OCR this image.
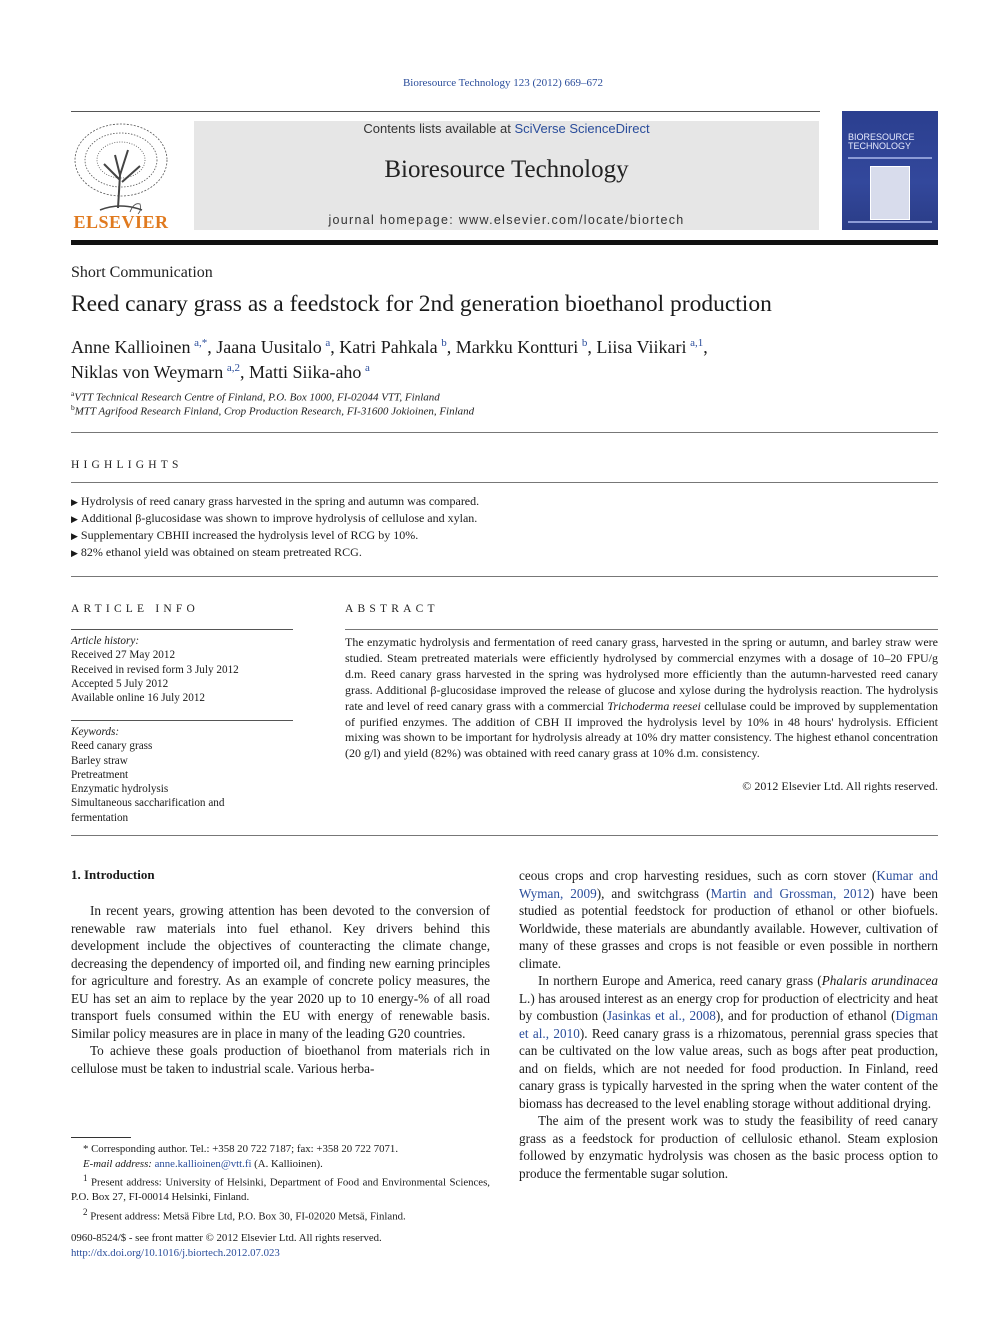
Bioresource Technology 123 (2012) 669–672
ELSEVIER
Contents lists available at SciVerse ScienceDirect
Bioresource Technology
journal homepage: www.elsevier.com/locate/biortech
BIORESOURCE TECHNOLOGY
Short Communication
Reed canary grass as a feedstock for 2nd generation bioethanol production
Anne Kallioinen  $^{a,*}$, Jaana Uusitalo  $^a$, Katri Pahkala  $^b$, Markku Kontturi  $^b$, Liisa Viikari  $^{a,1}$,
Niklas von Weymarn  $^{a,2}$, Matti Siika-aho  $^a$
$^a$VTT Technical Research Centre of Finland, P.O. Box 1000, FI-02044 VTT, Finland
$^b$MTT Agrifood Research Finland, Crop Production Research, FI-31600 Jokioinen, Finland
HIGHLIGHTS
▶ Hydrolysis of reed canary grass harvested in the spring and autumn was compared.
▶ Additional β-glucosidase was shown to improve hydrolysis of cellulose and xylan.
▶ Supplementary CBHII increased the hydrolysis level of RCG by 10%.
▶ 82% ethanol yield was obtained on steam pretreated RCG.
ARTICLE INFO
Article history:
Received 27 May 2012
Received in revised form 3 July 2012
Accepted 5 July 2012
Available online 16 July 2012
Keywords:
Reed canary grass
Barley straw
Pretreatment
Enzymatic hydrolysis
Simultaneous saccharification and
fermentation
ABSTRACT
The enzymatic hydrolysis and fermentation of reed canary grass, harvested in the spring or autumn, and barley straw were studied. Steam pretreated materials were efficiently hydrolysed by commercial enzymes with a dosage of 10–20 FPU/g d.m. Reed canary grass harvested in the spring was hydrolysed more efficiently than the autumn-harvested reed canary grass. Additional β-glucosidase improved the release of glucose and xylose during the hydrolysis reaction. The hydrolysis rate and level of reed canary grass with a commercial Trichoderma reesei cellulase could be improved by supplementation of purified enzymes. The addition of CBH II improved the hydrolysis level by 10% in 48 hours' hydrolysis. Efficient mixing was shown to be important for hydrolysis already at 10% dry matter consistency. The highest ethanol concentration (20 g/l) and yield (82%) was obtained with reed canary grass at 10% d.m. consistency.
© 2012 Elsevier Ltd. All rights reserved.
1. Introduction

In recent years, growing attention has been devoted to the conversion of renewable raw materials into fuel ethanol. Key drivers behind this development include the objectives of counteracting the climate change, decreasing the dependency of imported oil, and finding new earning principles for agriculture and forestry. As an example of concrete policy measures, the EU has set an aim to replace by the year 2020 up to 10 energy-% of all road transport fuels consumed within the EU with energy of renewable basis. Similar policy measures are in place in many of the leading G20 countries.

To achieve these goals production of bioethanol from materials rich in cellulose must be taken to industrial scale. Various herba-

ceous crops and crop harvesting residues, such as corn stover (Kumar and Wyman, 2009), and switchgrass (Martin and Grossman, 2012) have been studied as potential feedstock for production of ethanol or other biofuels. Worldwide, these materials are abundantly available. However, cultivation of many of these grasses and crops is not feasible or even possible in northern climate.

In northern Europe and America, reed canary grass (Phalaris arundinacea L.) has aroused interest as an energy crop for production of electricity and heat by combustion (Jasinkas et al., 2008), and for production of ethanol (Digman et al., 2010). Reed canary grass is a rhizomatous, perennial grass species that can be cultivated on the low value areas, such as bogs after peat production, and on fields, which are not needed for food production. In Finland, reed canary grass is typically harvested in the spring when the water content of the biomass has decreased to the level enabling storage without additional drying.

The aim of the present work was to study the feasibility of reed canary grass as a feedstock for production of cellulosic ethanol. Steam explosion followed by enzymatic hydrolysis was chosen as the basic process option to produce the fermentable sugar solution.

* Corresponding author. Tel.: +358 20 722 7187; fax: +358 20 722 7071.

E-mail address: anne.kallioinen@vtt.fi (A. Kallioinen).

$^1$ Present address: University of Helsinki, Department of Food and Environmental Sciences, P.O. Box 27, FI-00014 Helsinki, Finland.

$^2$ Present address: Metsä Fibre Ltd, P.O. Box 30, FI-02020 Metsä, Finland.

0960-8524/$ - see front matter © 2012 Elsevier Ltd. All rights reserved.
http://dx.doi.org/10.1016/j.biortech.2012.07.023
